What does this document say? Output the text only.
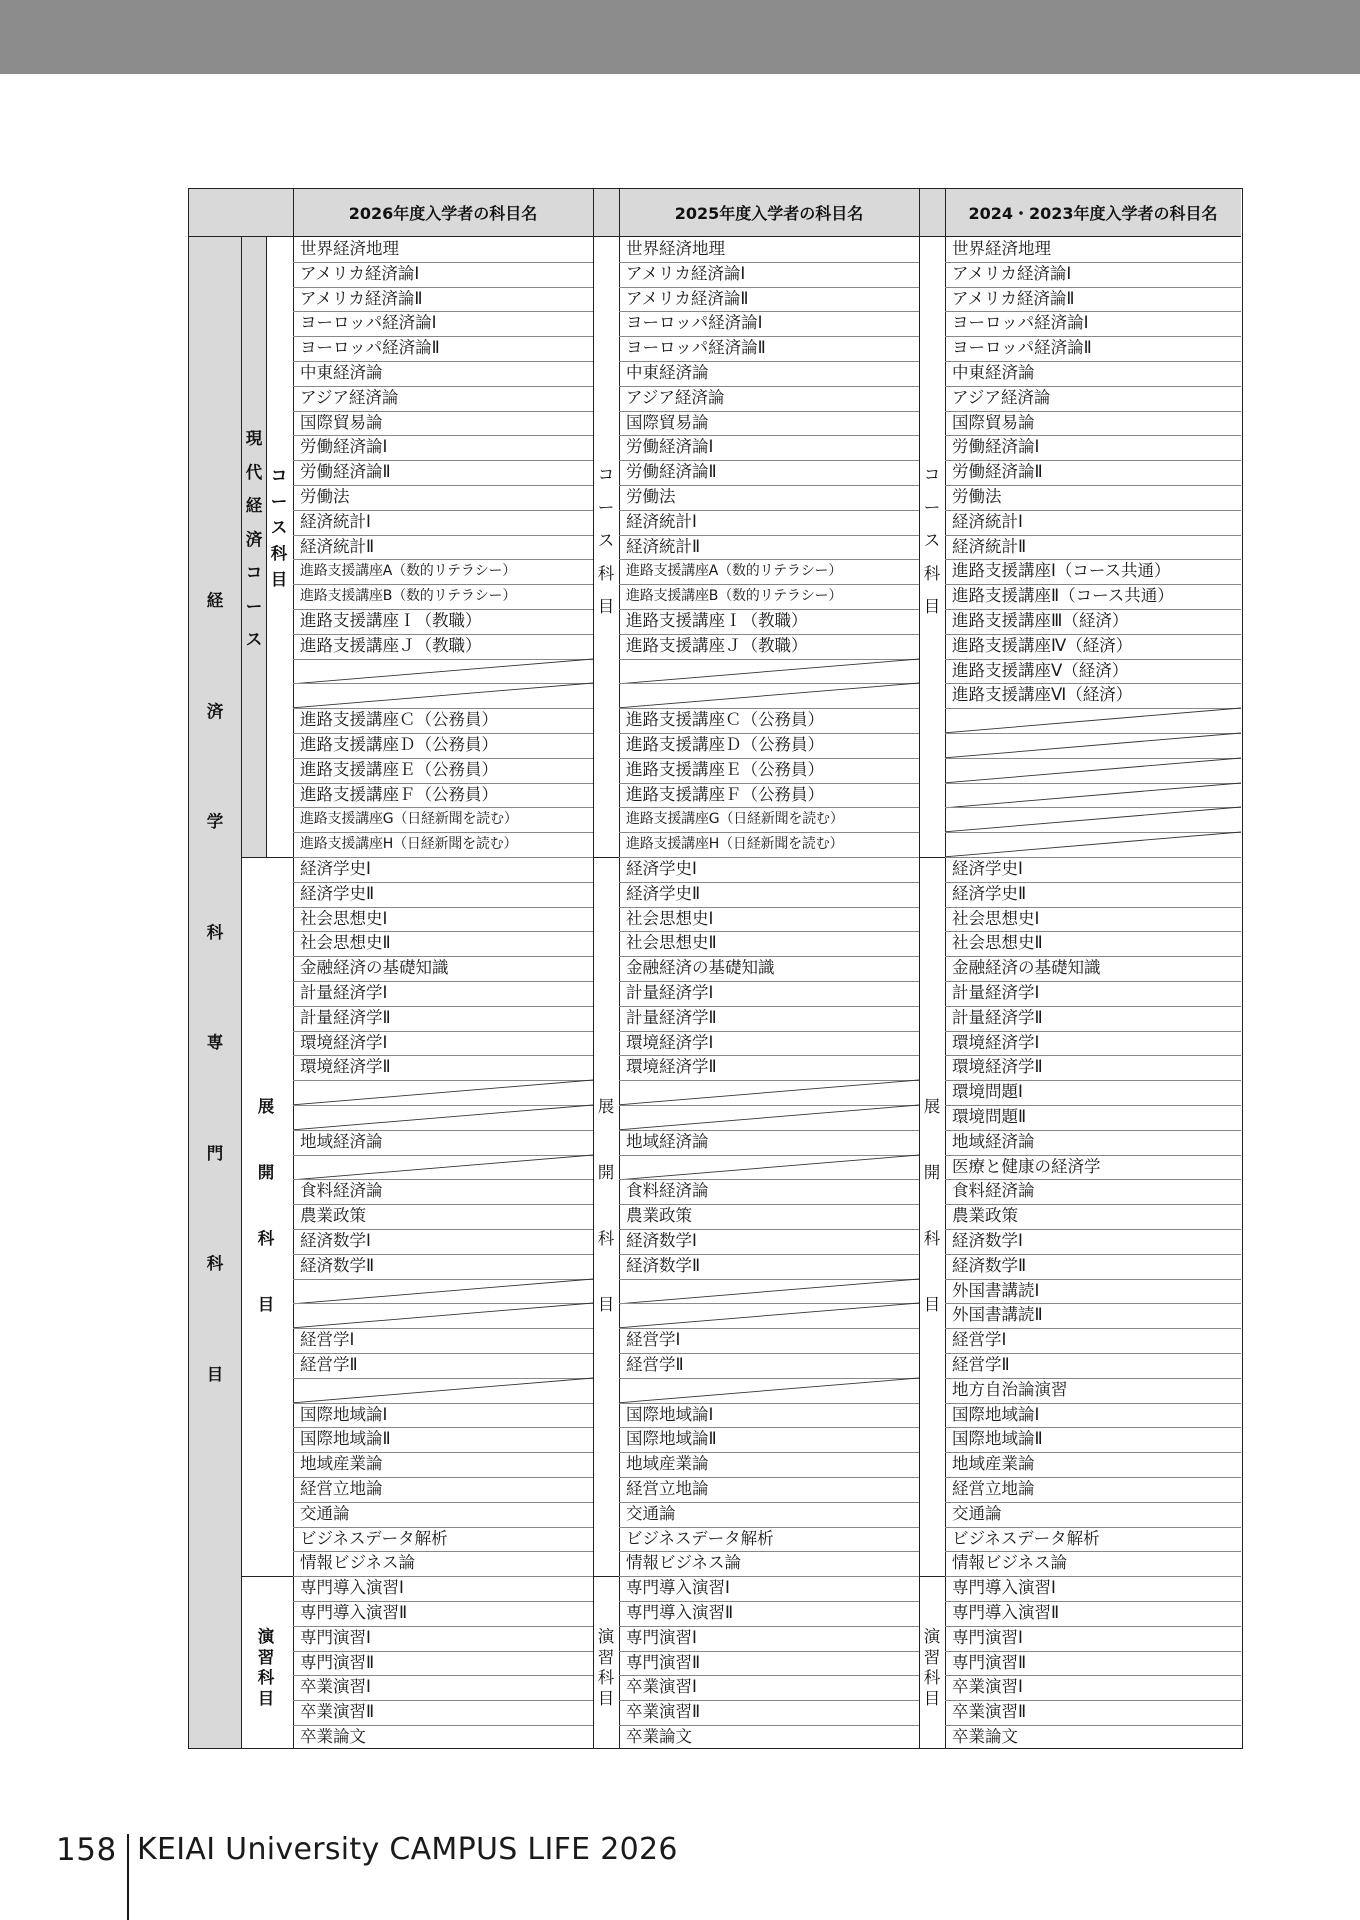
2026年度入学者の科目名	2025年度入学者の科目名	2024・2023年度入学者の科目名
世界経済地理
アメリカ経済論Ⅰ
アメリカ経済論Ⅱ
ヨーロッパ経済論Ⅰ
ヨーロッパ経済論Ⅱ
中東経済論
アジア経済論
国際貿易論
労働経済論Ⅰ
労働経済論Ⅱ
労働法
経済統計Ⅰ
経済統計Ⅱ
進路支援講座A（数的リテラシー）
進路支援講座B（数的リテラシー）
進路支援講座Ｉ（教職）
進路支援講座Ｊ（教職）
進路支援講座Ｃ（公務員）
進路支援講座Ｄ（公務員）
進路支援講座Ｅ（公務員）
進路支援講座Ｆ（公務員）
進路支援講座G（日経新聞を読む）
進路支援講座H（日経新聞を読む）
経済学史Ⅰ
経済学史Ⅱ
社会思想史Ⅰ
社会思想史Ⅱ
金融経済の基礎知識
計量経済学Ⅰ
計量経済学Ⅱ
環境経済学Ⅰ
環境経済学Ⅱ
地域経済論
食料経済論
農業政策
経済数学Ⅰ
経済数学Ⅱ
経営学Ⅰ
経営学Ⅱ
国際地域論Ⅰ
国際地域論Ⅱ
地域産業論
経営立地論
交通論
ビジネスデータ解析
情報ビジネス論
専門導入演習Ⅰ
専門導入演習Ⅱ
専門演習Ⅰ
専門演習Ⅱ
卒業演習Ⅰ
卒業演習Ⅱ
卒業論文
世界経済地理
アメリカ経済論Ⅰ
アメリカ経済論Ⅱ
ヨーロッパ経済論Ⅰ
ヨーロッパ経済論Ⅱ
中東経済論
アジア経済論
国際貿易論
労働経済論Ⅰ
労働経済論Ⅱ
労働法
経済統計Ⅰ
経済統計Ⅱ
進路支援講座A（数的リテラシー）
進路支援講座B（数的リテラシー）
進路支援講座Ｉ（教職）
進路支援講座Ｊ（教職）
進路支援講座Ｃ（公務員）
進路支援講座Ｄ（公務員）
進路支援講座Ｅ（公務員）
進路支援講座Ｆ（公務員）
進路支援講座G（日経新聞を読む）
進路支援講座H（日経新聞を読む）
経済学史Ⅰ
経済学史Ⅱ
社会思想史Ⅰ
社会思想史Ⅱ
金融経済の基礎知識
計量経済学Ⅰ
計量経済学Ⅱ
環境経済学Ⅰ
環境経済学Ⅱ
地域経済論
食料経済論
農業政策
経済数学Ⅰ
経済数学Ⅱ
経営学Ⅰ
経営学Ⅱ
国際地域論Ⅰ
国際地域論Ⅱ
地域産業論
経営立地論
交通論
ビジネスデータ解析
情報ビジネス論
専門導入演習Ⅰ
専門導入演習Ⅱ
専門演習Ⅰ
専門演習Ⅱ
卒業演習Ⅰ
卒業演習Ⅱ
卒業論文
世界経済地理
アメリカ経済論Ⅰ
アメリカ経済論Ⅱ
ヨーロッパ経済論Ⅰ
ヨーロッパ経済論Ⅱ
中東経済論
アジア経済論
国際貿易論
労働経済論Ⅰ
労働経済論Ⅱ
労働法
経済統計Ⅰ
経済統計Ⅱ
進路支援講座Ⅰ（コース共通）
進路支援講座Ⅱ（コース共通）
進路支援講座Ⅲ（経済）
進路支援講座Ⅳ（経済）
進路支援講座Ⅴ（経済）
進路支援講座Ⅵ（経済）
経済学史Ⅰ
経済学史Ⅱ
社会思想史Ⅰ
社会思想史Ⅱ
金融経済の基礎知識
計量経済学Ⅰ
計量経済学Ⅱ
環境経済学Ⅰ
環境経済学Ⅱ
環境問題Ⅰ
環境問題Ⅱ
地域経済論
医療と健康の経済学
食料経済論
農業政策
経済数学Ⅰ
経済数学Ⅱ
外国書講読Ⅰ
外国書講読Ⅱ
経営学Ⅰ
経営学Ⅱ
地方自治論演習
国際地域論Ⅰ
国際地域論Ⅱ
地域産業論
経営立地論
交通論
ビジネスデータ解析
情報ビジネス論
専門導入演習Ⅰ
専門導入演習Ⅱ
専門演習Ⅰ
専門演習Ⅱ
卒業演習Ⅰ
卒業演習Ⅱ
卒業論文
経
済
学
科
専
門
科
目
現
代
経
済
コ
ー
ス
コ
ー
ス
科
目
展
開
科
目
演
習
科
目
コ
ー
ス
科
目
コ
ー
ス
科
目
展
開
科
目
展
開
科
目
演
習
科
目
演
習
科
目
158 KEIAI University CAMPUS LIFE 2026
